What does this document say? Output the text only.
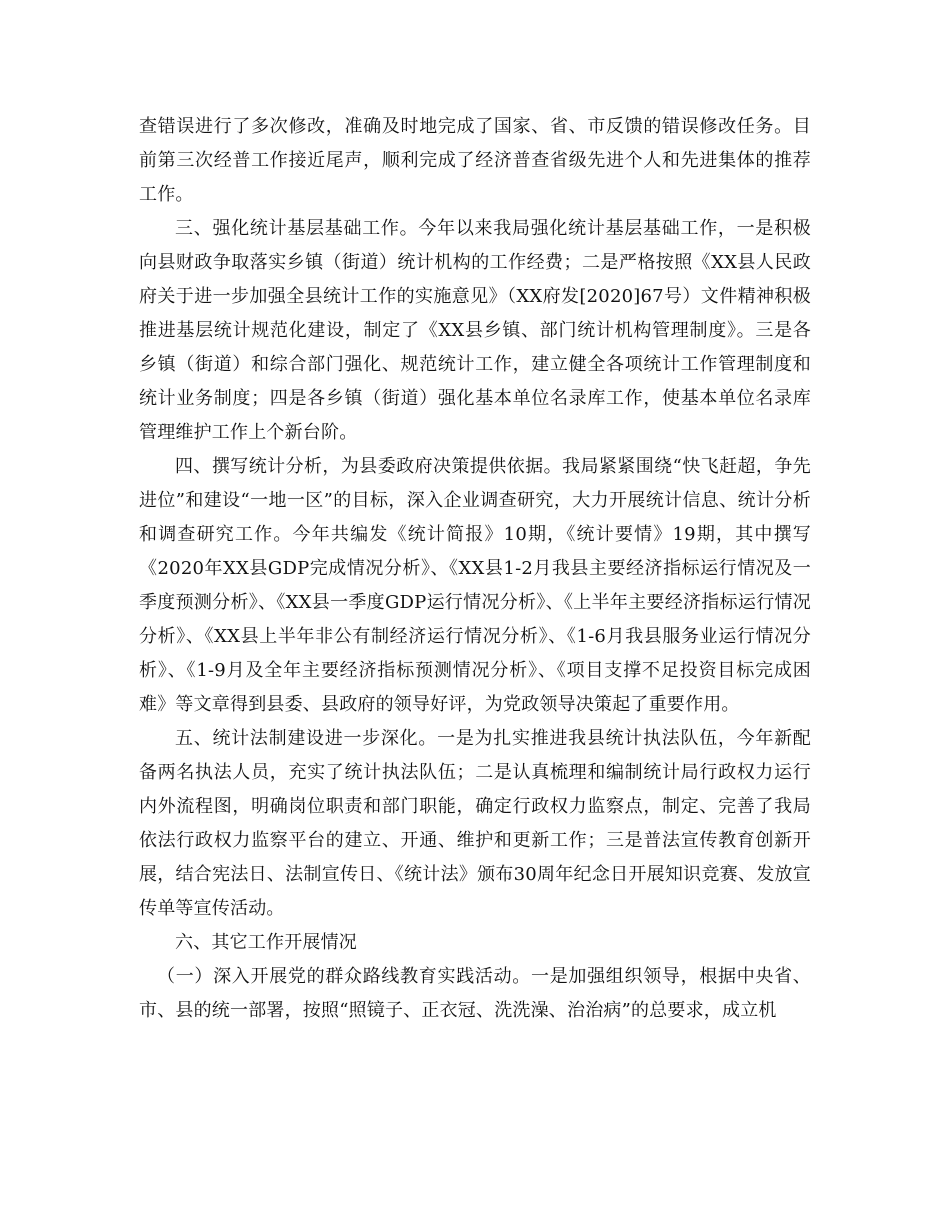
查错误进行了多次修改，准确及时地完成了国家、省、市反馈的错误修改任务。目前第三次经普工作接近尾声，顺利完成了经济普查省级先进个人和先进集体的推荐工作。

三、强化统计基层基础工作。今年以来我局强化统计基层基础工作，一是积极向县财政争取落实乡镇（街道）统计机构的工作经费；二是严格按照《XX县人民政府关于进一步加强全县统计工作的实施意见》（XX府发[2020]67号）文件精神积极推进基层统计规范化建设，制定了《XX县乡镇、部门统计机构管理制度》。三是各乡镇（街道）和综合部门强化、规范统计工作，建立健全各项统计工作管理制度和统计业务制度；四是各乡镇（街道）强化基本单位名录库工作，使基本单位名录库管理维护工作上个新台阶。

四、撰写统计分析，为县委政府决策提供依据。我局紧紧围绕“快飞赶超，争先进位”和建设“一地一区”的目标，深入企业调查研究，大力开展统计信息、统计分析和调查研究工作。今年共编发《统计简报》10期，《统计要情》19期，其中撰写《2020年XX县GDP完成情况分析》、《XX县1-2月我县主要经济指标运行情况及一季度预测分析》、《XX县一季度GDP运行情况分析》、《上半年主要经济指标运行情况分析》、《XX县上半年非公有制经济运行情况分析》、《1-6月我县服务业运行情况分析》、《1-9月及全年主要经济指标预测情况分析》、《项目支撑不足投资目标完成困难》等文章得到县委、县政府的领导好评，为党政领导决策起了重要作用。

五、统计法制建设进一步深化。一是为扎实推进我县统计执法队伍，今年新配备两名执法人员，充实了统计执法队伍；二是认真梳理和编制统计局行政权力运行内外流程图，明确岗位职责和部门职能，确定行政权力监察点，制定、完善了我局依法行政权力监察平台的建立、开通、维护和更新工作；三是普法宣传教育创新开展，结合宪法日、法制宣传日、《统计法》颁布30周年纪念日开展知识竞赛、发放宣传单等宣传活动。

六、其它工作开展情况

（一）深入开展党的群众路线教育实践活动。一是加强组织领导，根据中央省、市、县的统一部署，按照“照镜子、正衣冠、洗洗澡、治治病”的总要求，成立机
